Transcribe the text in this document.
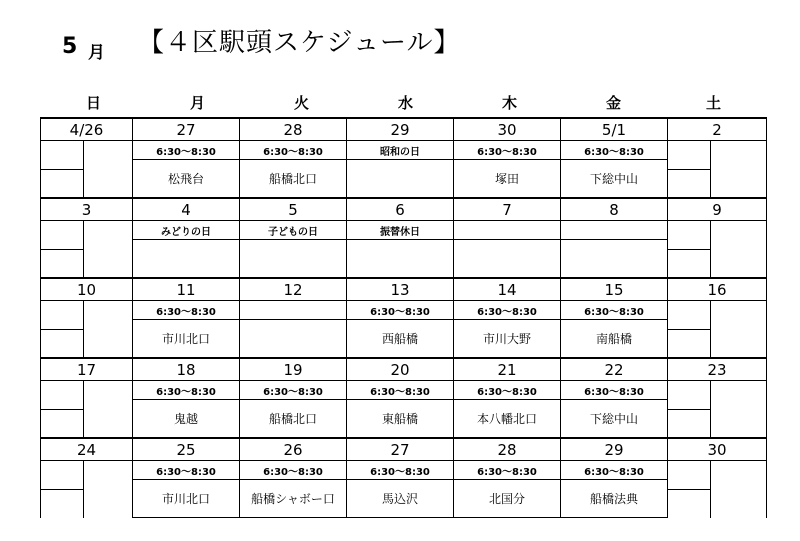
5 月 【４区駅頭スケジュール】
日	月	火	水	木	金	土
4/26	27	28	29	30	5/1	2

	6:30〜8:30	6:30〜8:30	昭和の日	6:30〜8:30	6:30〜8:30	

	松飛台	船橋北口		塚田	下総中山	
3	4	5	6	7	8	9

	みどりの日	子どもの日	振替休日			

10	11	12	13	14	15	16

	6:30〜8:30		6:30〜8:30	6:30〜8:30	6:30〜8:30	

	市川北口		西船橋	市川大野	南船橋	
17	18	19	20	21	22	23

	6:30〜8:30	6:30〜8:30	6:30〜8:30	6:30〜8:30	6:30〜8:30	

	鬼越	船橋北口	東船橋	本八幡北口	下総中山	
24	25	26	27	28	29	30

	6:30〜8:30	6:30〜8:30	6:30〜8:30	6:30〜8:30	6:30〜8:30	

	市川北口	船橋シャボー口	馬込沢	北国分	船橋法典	
